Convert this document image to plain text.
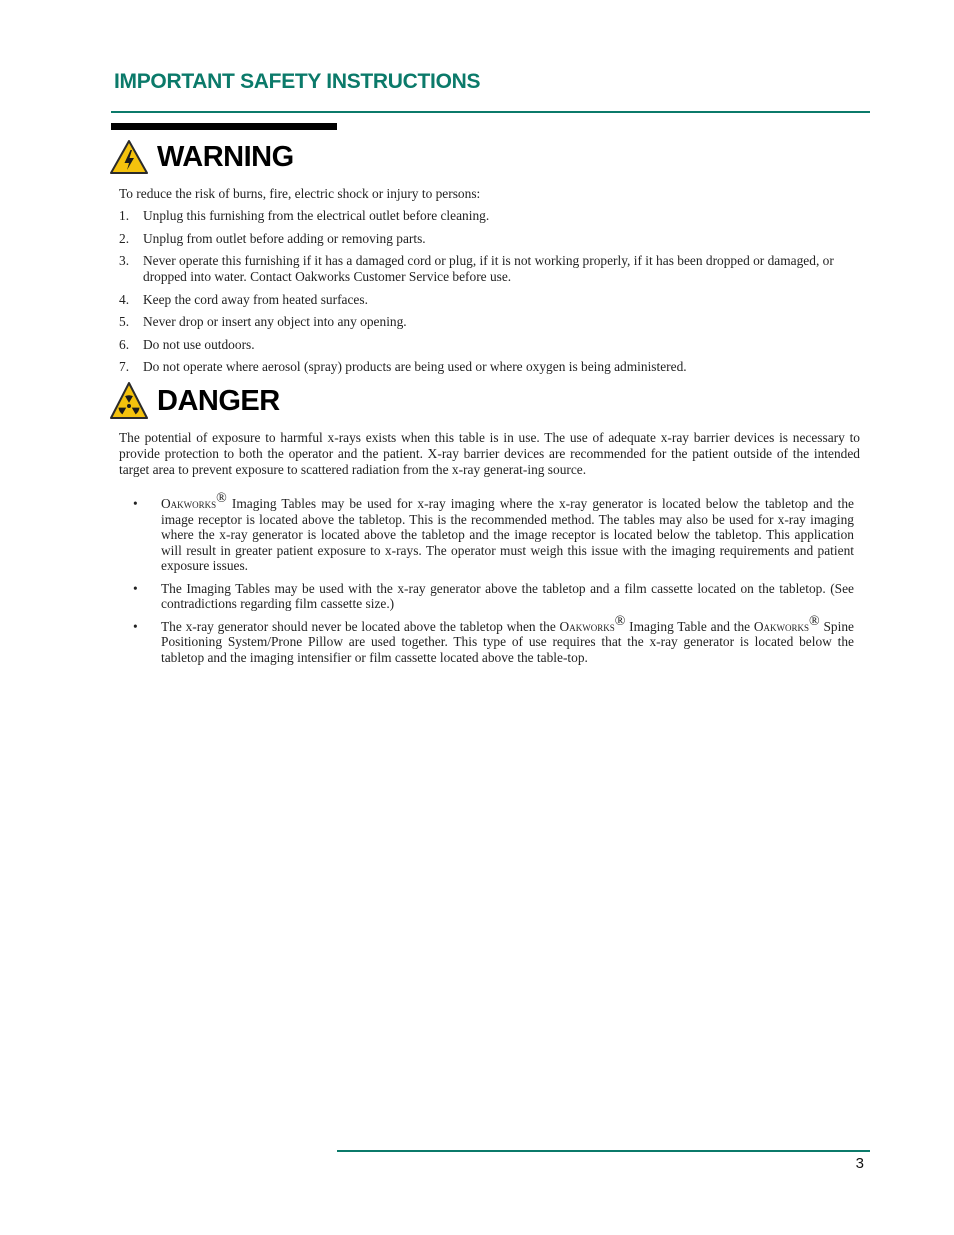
IMPORTANT SAFETY INSTRUCTIONS
WARNING
To reduce the risk of burns, fire, electric shock or injury to persons:
1. Unplug this furnishing from the electrical outlet before cleaning.
2. Unplug from outlet before adding or removing parts.
3. Never operate this furnishing if it has a damaged cord or plug, if it is not working properly, if it has been dropped or damaged, or dropped into water. Contact Oakworks Customer Service before use.
4. Keep the cord away from heated surfaces.
5. Never drop or insert any object into any opening.
6. Do not use outdoors.
7. Do not operate where aerosol (spray) products are being used or where oxygen is being administered.
DANGER
The potential of exposure to harmful x-rays exists when this table is in use. The use of adequate x-ray barrier devices is necessary to provide protection to both the operator and the patient. X-ray barrier devices are recommended for the patient outside of the intended target area to prevent exposure to scattered radiation from the x-ray generat-ing source.
• Oakworks® Imaging Tables may be used for x-ray imaging where the x-ray generator is located below the tabletop and the image receptor is located above the tabletop. This is the recommended method. The tables may also be used for x-ray imaging where the x-ray generator is located above the tabletop and the image receptor is located below the tabletop. This application will result in greater patient exposure to x-rays. The operator must weigh this issue with the imaging requirements and patient exposure issues.
• The Imaging Tables may be used with the x-ray generator above the tabletop and a film cassette located on the tabletop. (See contradictions regarding film cassette size.)
• The x-ray generator should never be located above the tabletop when the Oakworks® Imaging Table and the Oakworks® Spine Positioning System/Prone Pillow are used together. This type of use requires that the x-ray generator is located below the tabletop and the imaging intensifier or film cassette located above the table-top.
3
